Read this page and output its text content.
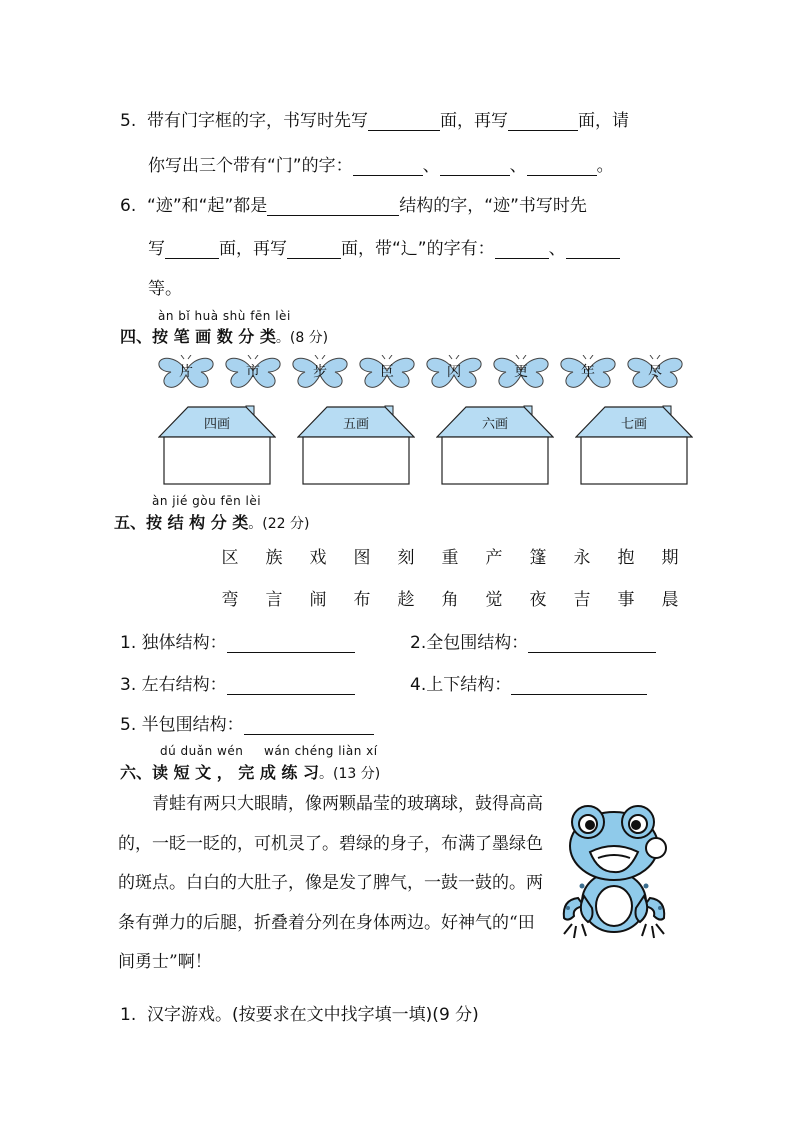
5. 带有门字框的字，书写时先写	面，再写	面，请
你写出三个带有“门”的字：	、	、	。
6. “迹”和“起”都是	结构的字，“迹”书写时先
写	面，再写	面，带“辶”的字有：	、
等。
àn bǐ huà shù fēn lèi
四、按 笔 画 数 分 类。(8 分)
片	市	步	巨	闪	更	年	尽
四画	五画	六画	七画
àn jié gòu fēn lèi
五、按 结 构 分 类。(22 分)
区 族 戏 图 刻 重 产 篷 永 抱 期
弯 言 闹 布 趁 角 觉 夜 吉 事 晨
1. 独体结构：	2.全包围结构：
3. 左右结构：	4.上下结构：
5. 半包围结构：
dú duǎn wén wán chéng liàn xí
六、读 短 文 ， 完 成 练 习。(13 分)
青蛙有两只大眼睛，像两颗晶莹的玻璃球，鼓得高高的，一眨一眨的，可机灵了。碧绿的身子，布满了墨绿色的斑点。白白的大肚子，像是发了脾气，一鼓一鼓的。两条有弹力的后腿，折叠着分列在身体两边。好神气的“田间勇士”啊！
1. 汉字游戏。(按要求在文中找字填一填)(9 分)
